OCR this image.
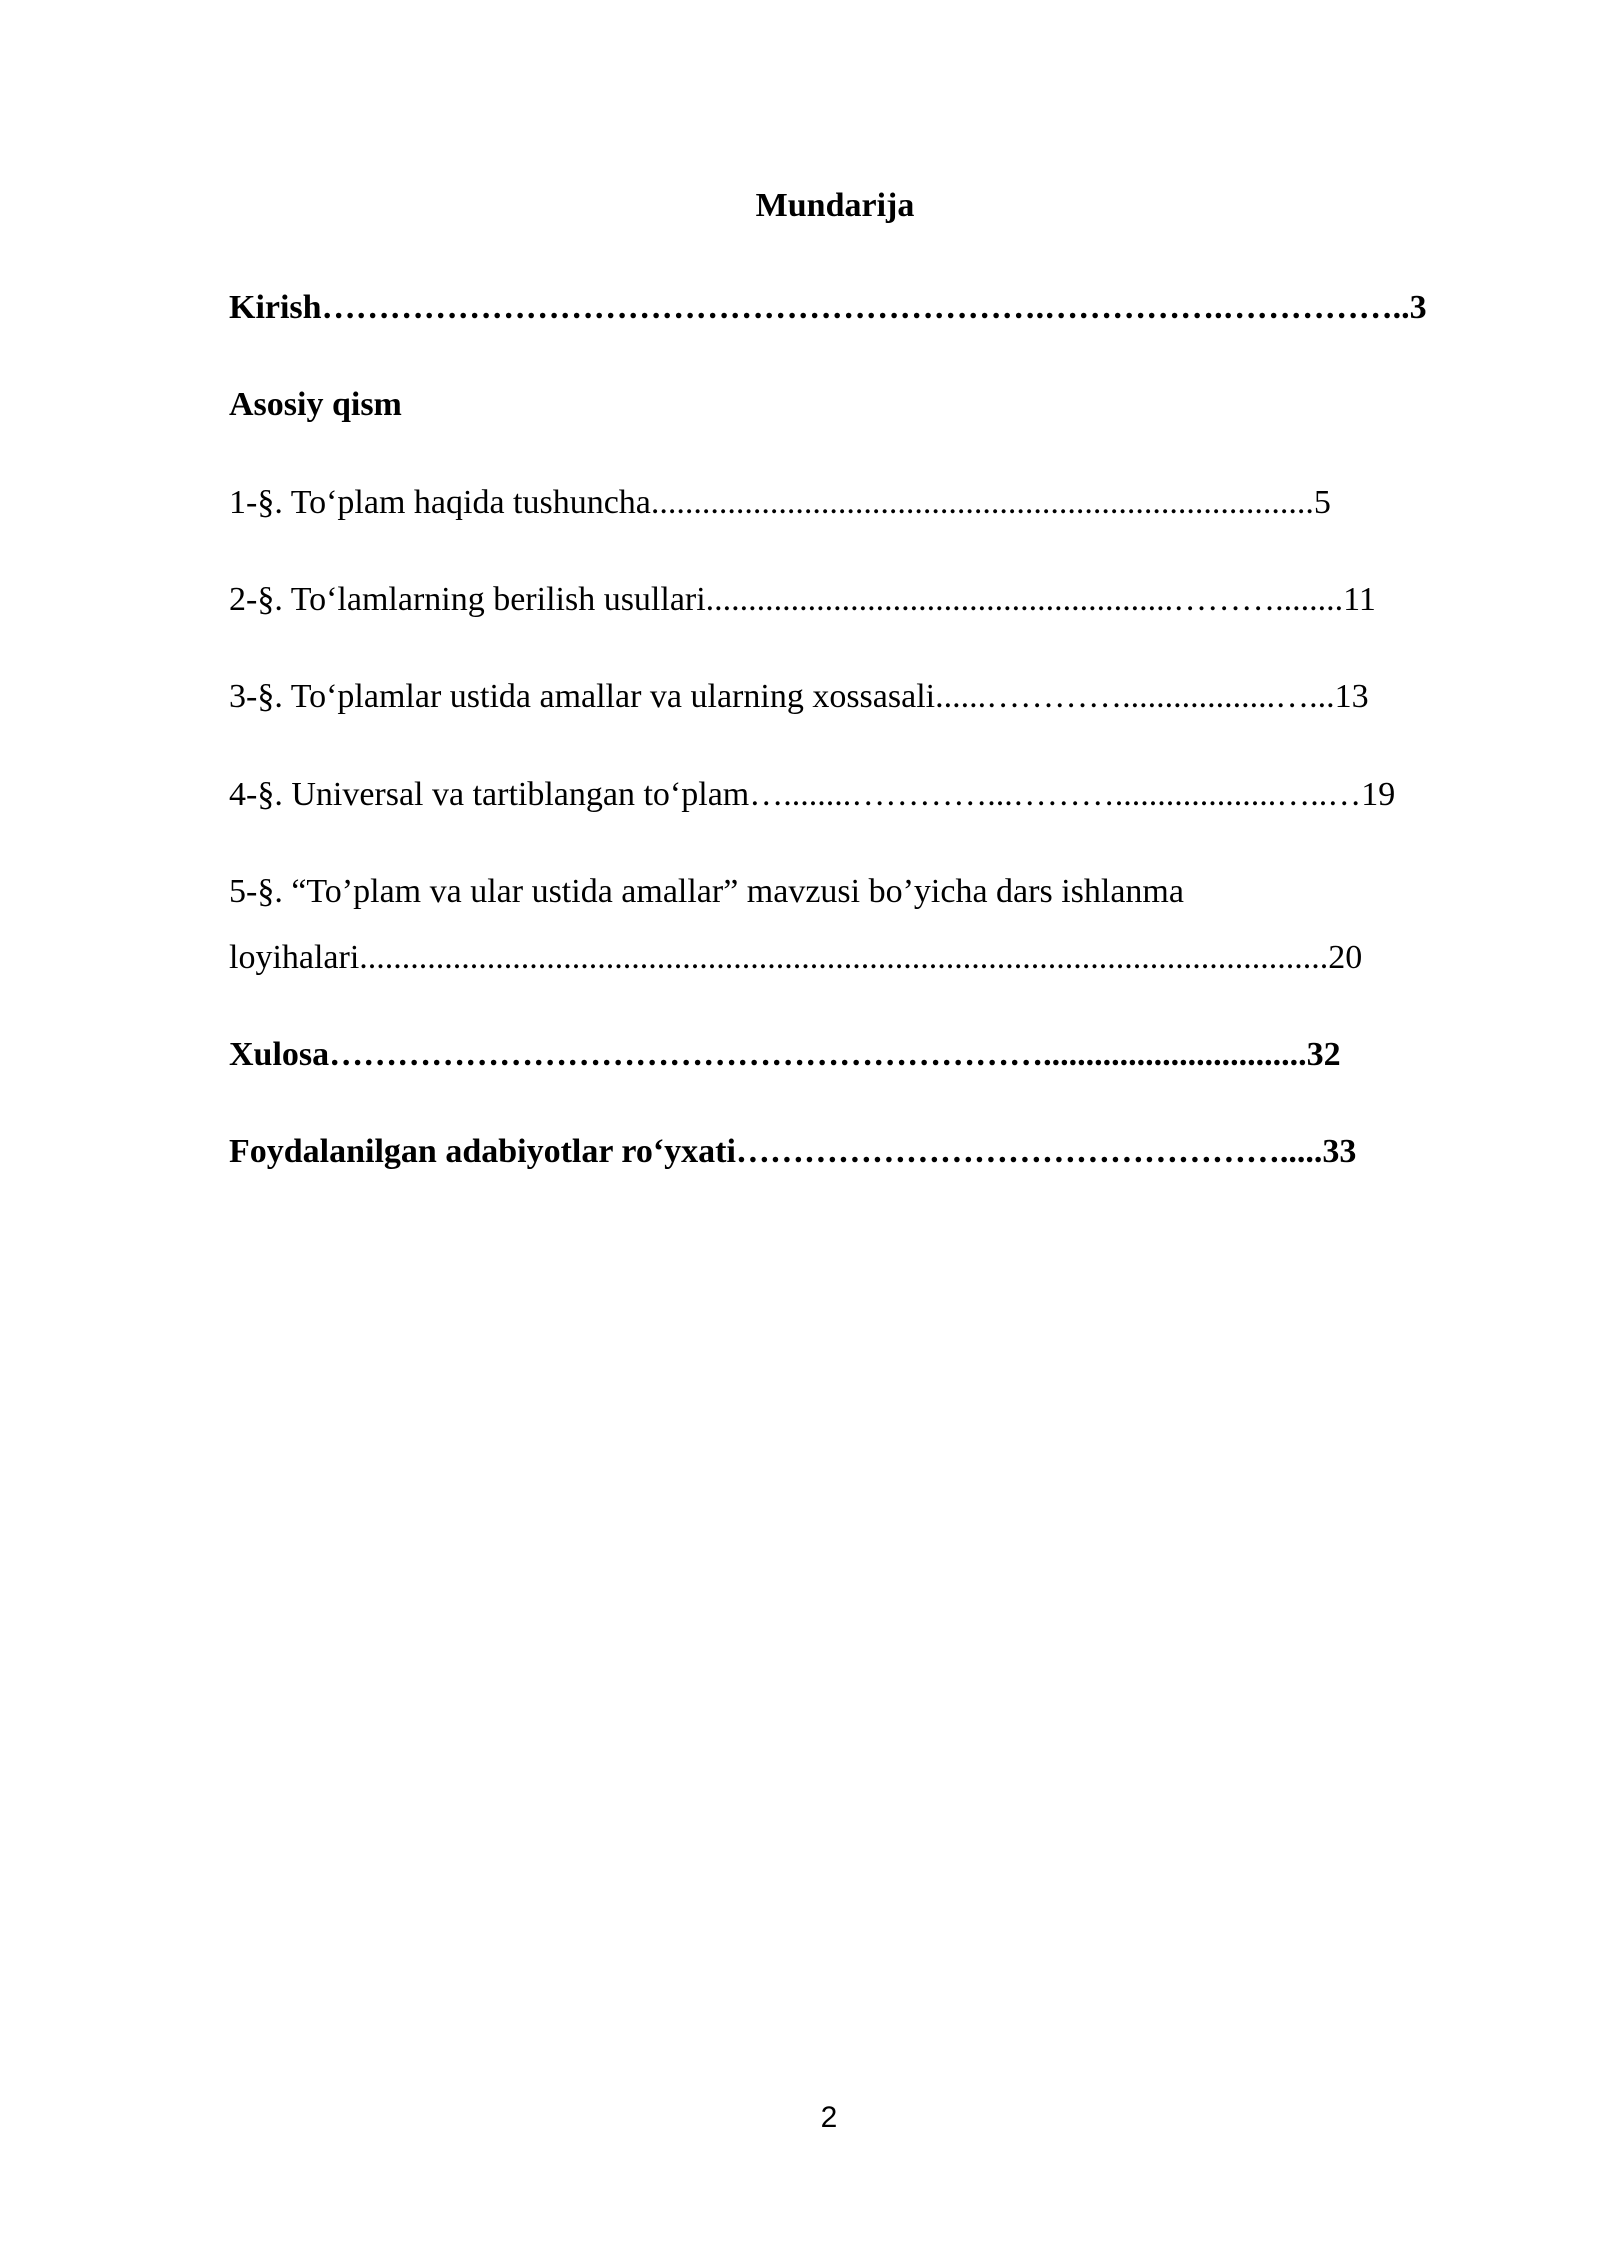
Mundarija
Kirish……………………………………………………….…………….……………..3
Asosiy qism
1-§. To‘plam haqida tushuncha..............................................................................5
2-§. To‘lamlarning berilish usullari.......................................................………........11
3-§. To‘plamlar ustida amallar va ularning xossasali......…………..................…...13
4-§. Universal va tartiblangan to‘plam…........…………...………...................…..…19
5-§. “To’plam va ular ustida amallar” mavzusi bo’yicha dars ishlanma
loyihalari..................................................................................................................20
Xulosa………………………………………………………...............................32
Foydalanilgan adabiyotlar ro‘yxati………………………………………….....33
2
